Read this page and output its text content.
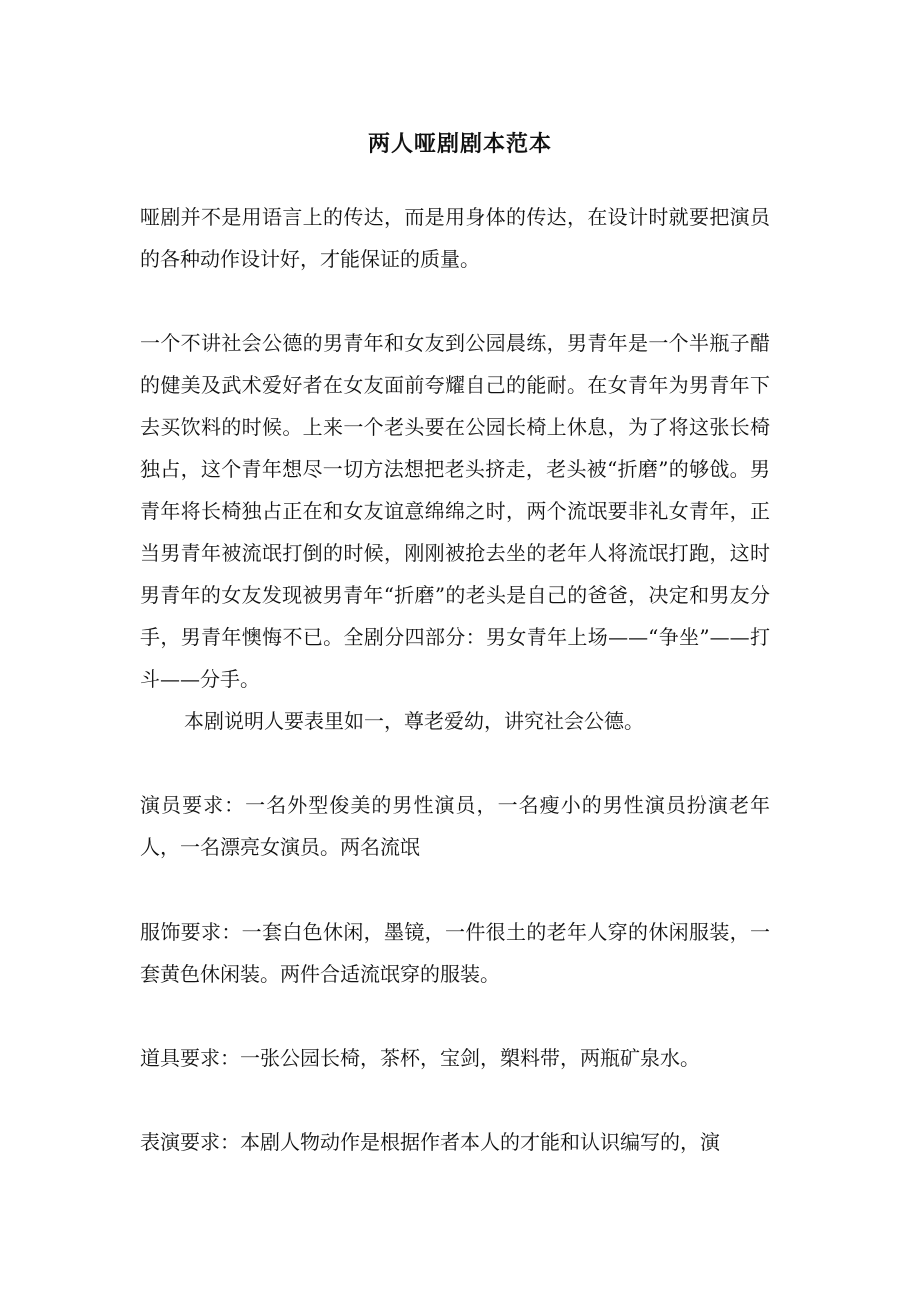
两人哑剧剧本范本

哑剧并不是用语言上的传达，而是用身体的传达，在设计时就要把演员的各种动作设计好，才能保证的质量。

一个不讲社会公德的男青年和女友到公园晨练，男青年是一个半瓶子醋的健美及武术爱好者在女友面前夸耀自己的能耐。在女青年为男青年下去买饮料的时候。上来一个老头要在公园长椅上休息，为了将这张长椅独占，这个青年想尽一切方法想把老头挤走，老头被“折磨”的够戗。男青年将长椅独占正在和女友谊意绵绵之时，两个流氓要非礼女青年，正当男青年被流氓打倒的时候，刚刚被抢去坐的老年人将流氓打跑，这时男青年的女友发现被男青年“折磨”的老头是自己的爸爸，决定和男友分手，男青年懊悔不已。全剧分四部分：男女青年上场——“争坐”——打斗——分手。

本剧说明人要表里如一，尊老爱幼，讲究社会公德。

演员要求：一名外型俊美的男性演员，一名瘦小的男性演员扮演老年人，一名漂亮女演员。两名流氓

服饰要求：一套白色休闲，墨镜，一件很土的老年人穿的休闲服装，一套黄色休闲装。两件合适流氓穿的服装。

道具要求：一张公园长椅，茶杯，宝剑，槊料带，两瓶矿泉水。

表演要求：本剧人物动作是根据作者本人的才能和认识编写的，演
